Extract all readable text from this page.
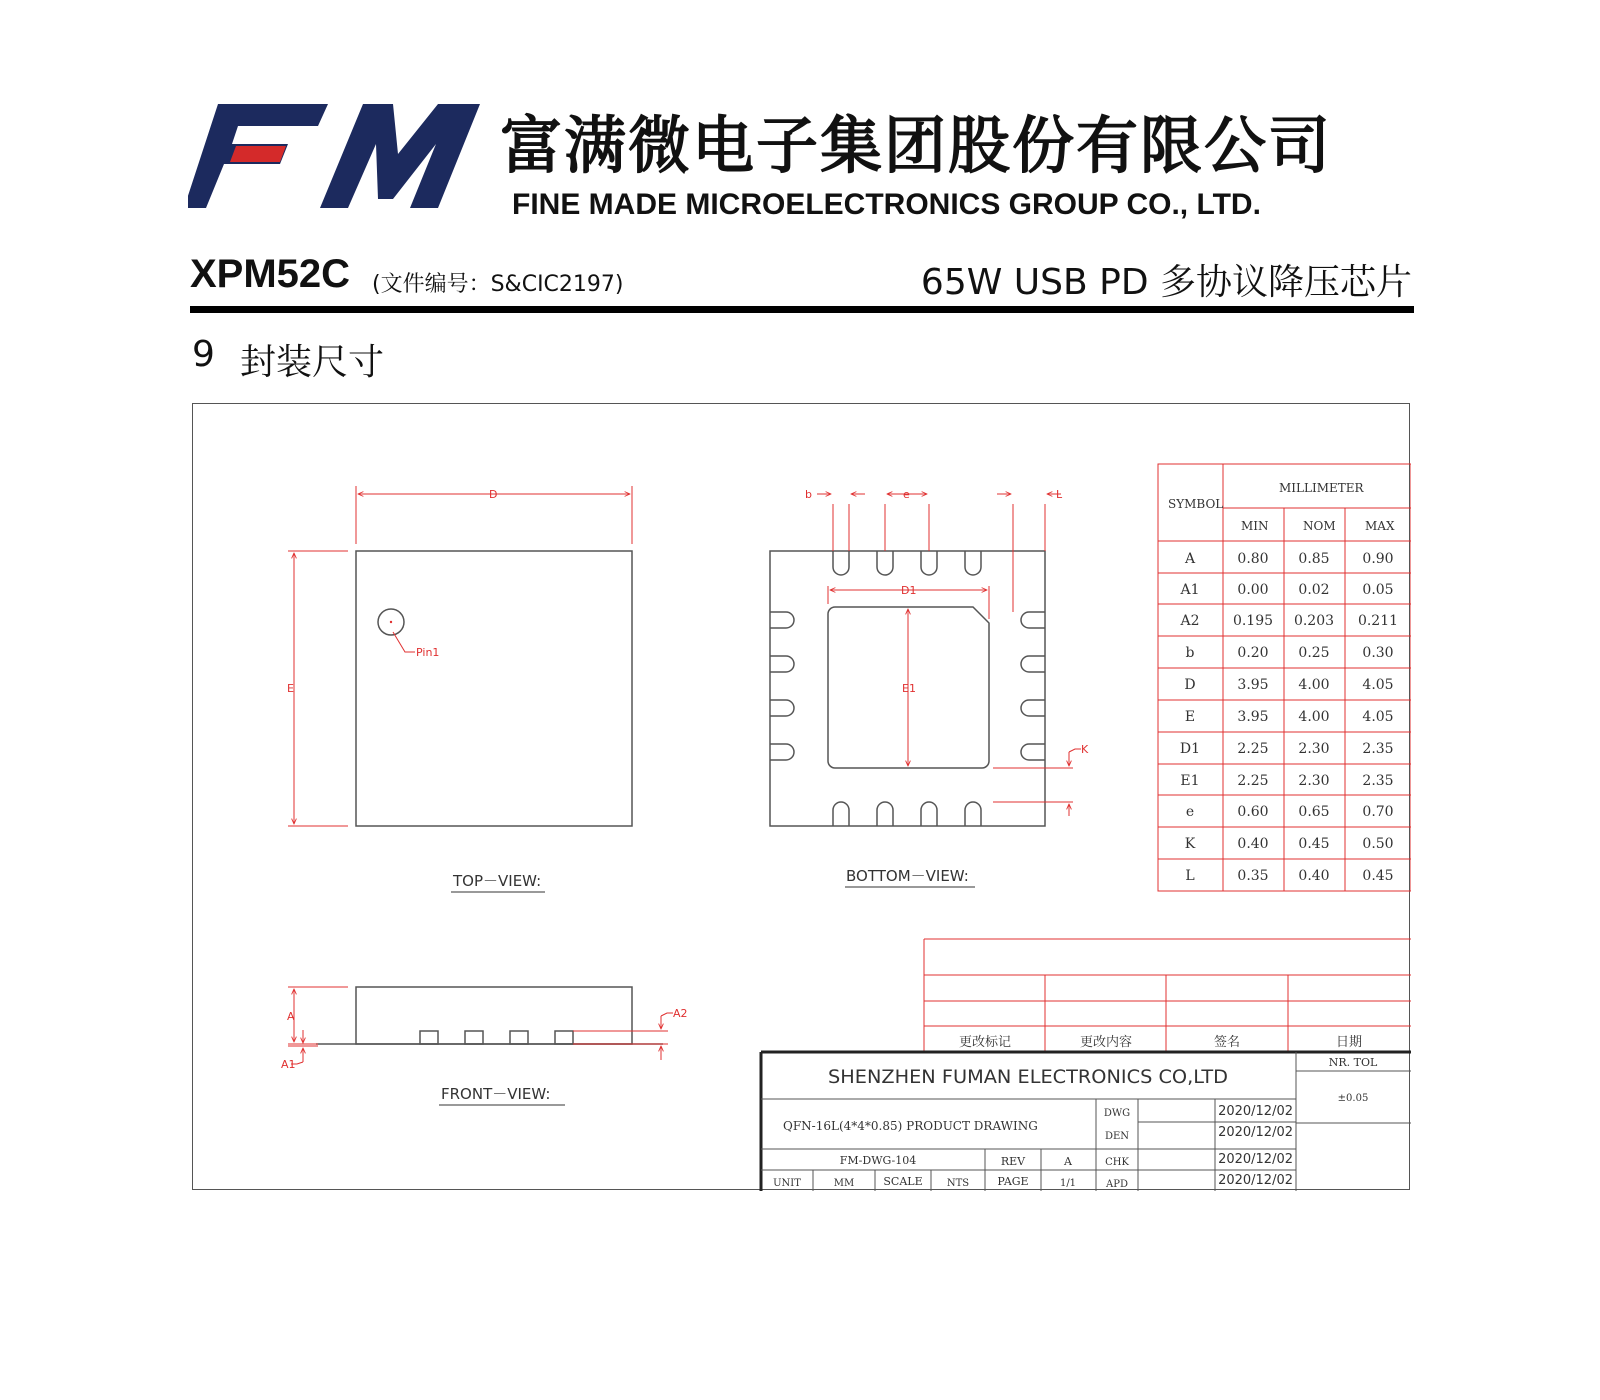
富满微电子集团股份有限公司
FINE MADE MICROELECTRONICS GROUP CO., LTD.
XPM52C (文件编号：S&CIC2197)	65W USB PD 多协议降压芯片
9 封装尺寸
D
E
Pin1
TOP－VIEW:
D1
E1
b	e	L
K
BOTTOM－VIEW:
A
A1
A2
FRONT－VIEW:
SYMBOL
MILLIMETER
MIN	NOM MAX
A	0.80 0.85 0.90
A1	0.00 0.02 0.05
A2 0.195 0.203 0.211
b	0.20 0.25 0.30
D	3.95 4.00 4.05
E	3.95 4.00 4.05
D1	2.25 2.30 2.35
E1	2.25 2.30 2.35
e	0.60 0.65 0.70
K	0.40 0.45 0.50
L	0.35 0.40 0.45
更改标记	更改内容	签名	日期
SHENZHEN FUMAN ELECTRONICS CO,LTD
NR. TOL
±0.05
QFN-16L(4*4*0.85) PRODUCT DRAWING
FM-DWG-104	REV	A
UNIT	MM	SCALE NTS	PAGE	1/1
DWG	2020/12/02
DEN	2020/12/02
CHK	2020/12/02
APD	2020/12/02
